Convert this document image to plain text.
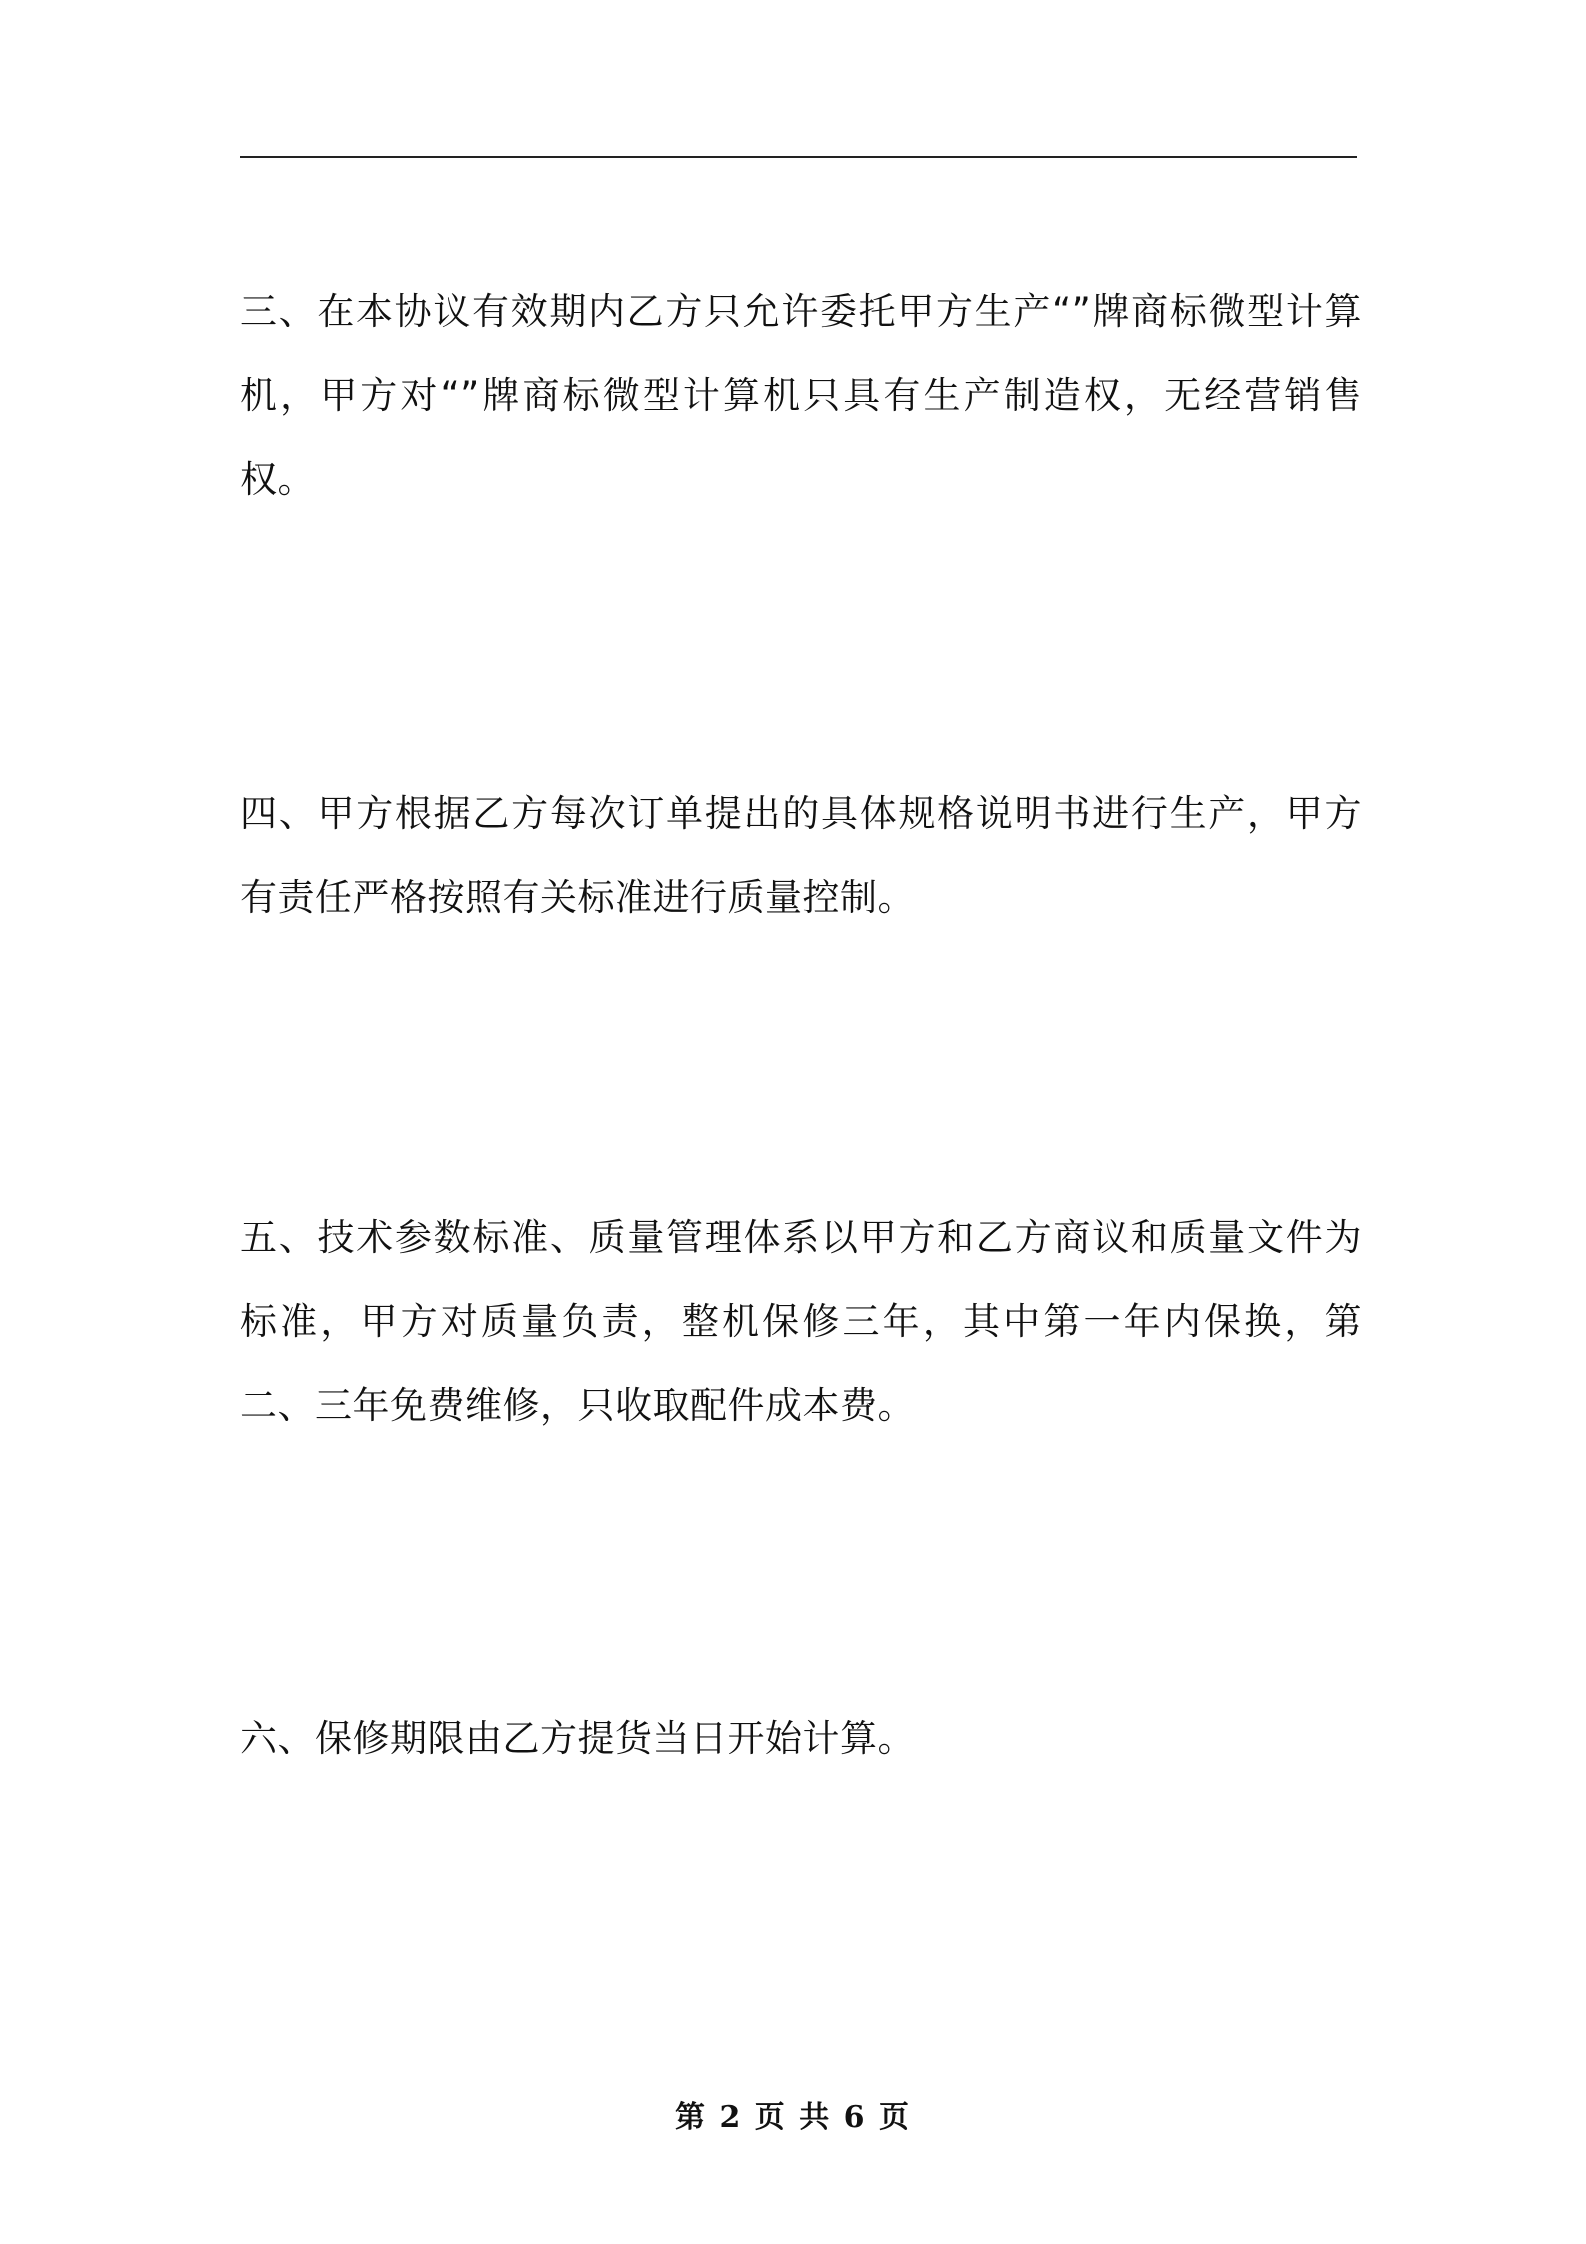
三、在本协议有效期内乙方只允许委托甲方生产“”牌商标微型计算机，甲方对“”牌商标微型计算机只具有生产制造权，无经营销售权。

四、甲方根据乙方每次订单提出的具体规格说明书进行生产，甲方有责任严格按照有关标准进行质量控制。

五、技术参数标准、质量管理体系以甲方和乙方商议和质量文件为标准，甲方对质量负责，整机保修三年，其中第一年内保换，第二、三年免费维修，只收取配件成本费。

六、保修期限由乙方提货当日开始计算。

第 2 页 共 6 页
